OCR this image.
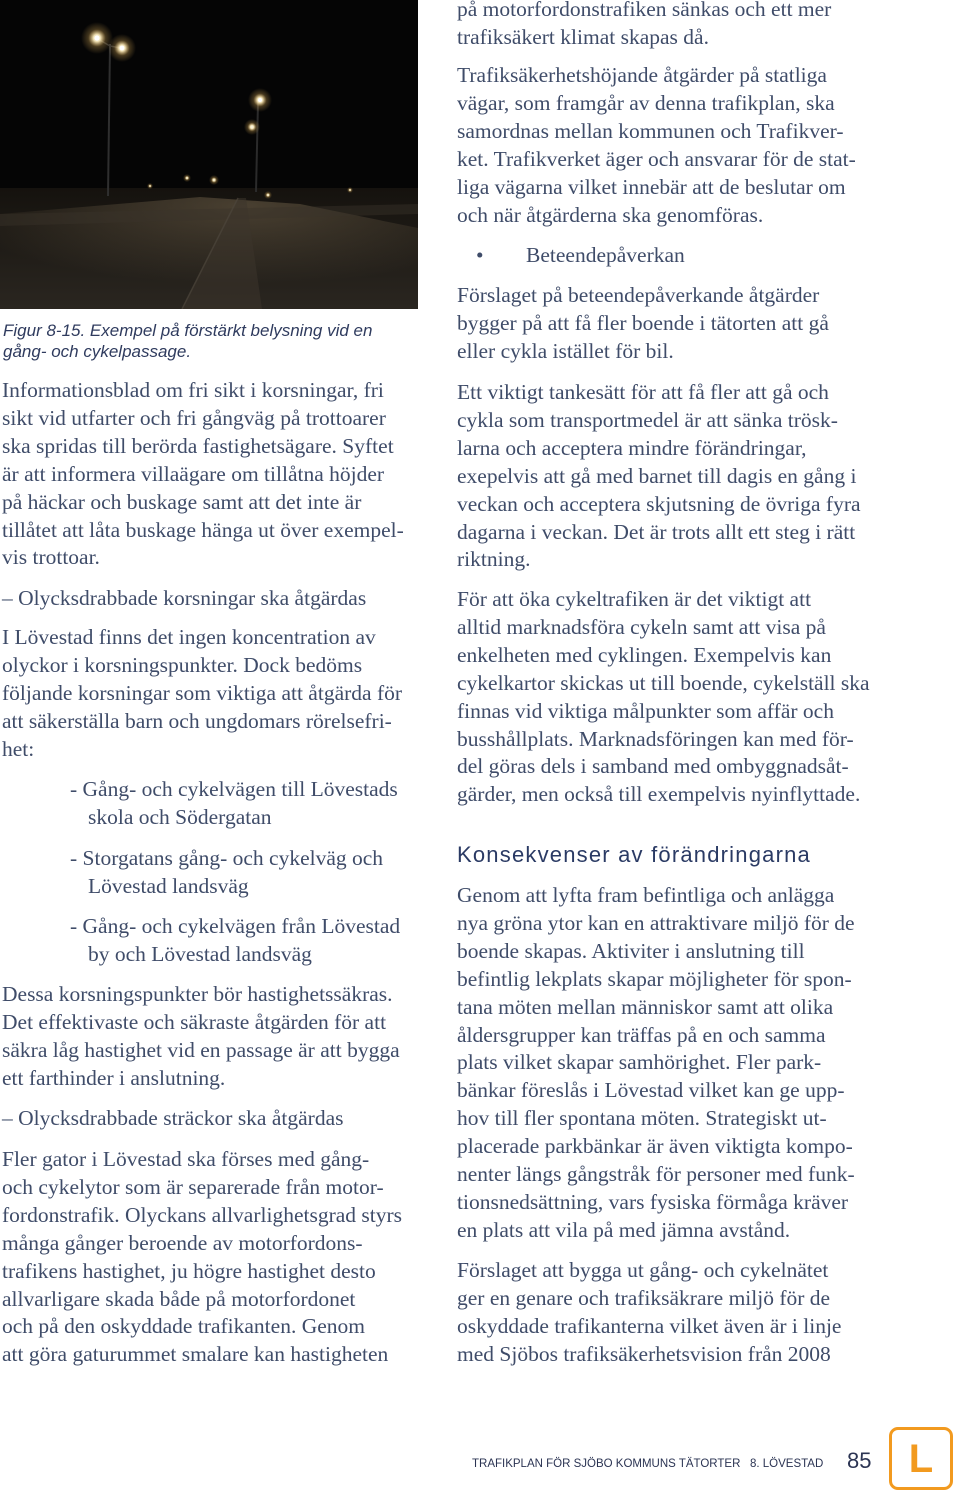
Figur 8-15. Exempel på förstärkt belysning vid en
gång- och cykelpassage.
Informationsblad om fri sikt i korsningar, fri
sikt vid utfarter och fri gångväg på trottoarer
ska spridas till berörda fastighetsägare. Syftet
är att informera villaägare om tillåtna höjder
på häckar och buskage samt att det inte är
tillåtet att låta buskage hänga ut över exempel-
vis trottoar.
– Olycksdrabbade korsningar ska åtgärdas
I Lövestad finns det ingen koncentration av
olyckor i korsningspunkter. Dock bedöms
följande korsningar som viktiga att åtgärda för
att säkerställa barn och ungdomars rörelsefri-
het:
- Gång- och cykelvägen till Lövestads
skola och Södergatan
- Storgatans gång- och cykelväg och
Lövestad landsväg
- Gång- och cykelvägen från Lövestad
by och Lövestad landsväg
Dessa korsningspunkter bör hastighetssäkras.
Det effektivaste och säkraste åtgärden för att
säkra låg hastighet vid en passage är att bygga
ett farthinder i anslutning.
– Olycksdrabbade sträckor ska åtgärdas
Fler gator i Lövestad ska förses med gång-
och cykelytor som är separerade från motor-
fordonstrafik. Olyckans allvarlighetsgrad styrs
många gånger beroende av motorfordons-
trafikens hastighet, ju högre hastighet desto
allvarligare skada både på motorfordonet
och på den oskyddade trafikanten. Genom
att göra gaturummet smalare kan hastigheten
på motorfordonstrafiken sänkas och ett mer
trafiksäkert klimat skapas då.
Trafiksäkerhetshöjande åtgärder på statliga
vägar, som framgår av denna trafikplan, ska
samordnas mellan kommunen och Trafikver-
ket. Trafikverket äger och ansvarar för de stat-
liga vägarna vilket innebär att de beslutar om
och när åtgärderna ska genomföras.
• Beteendepåverkan
Förslaget på beteendepåverkande åtgärder
bygger på att få fler boende i tätorten att gå
eller cykla istället för bil.
Ett viktigt tankesätt för att få fler att gå och
cykla som transportmedel är att sänka trösk-
larna och acceptera mindre förändringar,
exepelvis att gå med barnet till dagis en gång i
veckan och acceptera skjutsning de övriga fyra
dagarna i veckan. Det är trots allt ett steg i rätt
riktning.
För att öka cykeltrafiken är det viktigt att
alltid marknadsföra cykeln samt att visa på
enkelheten med cyklingen. Exempelvis kan
cykelkartor skickas ut till boende, cykelställ ska
finnas vid viktiga målpunkter som affär och
busshållplats. Marknadsföringen kan med för-
del göras dels i samband med ombyggnadsåt-
gärder, men också till exempelvis nyinflyttade.
Konsekvenser av förändringarna
Genom att lyfta fram befintliga och anlägga
nya gröna ytor kan en attraktivare miljö för de
boende skapas. Aktiviter i anslutning till
befintlig lekplats skapar möjligheter för spon-
tana möten mellan människor samt att olika
åldersgrupper kan träffas på en och samma
plats vilket skapar samhörighet. Fler park-
bänkar föreslås i Lövestad vilket kan ge upp-
hov till fler spontana möten. Strategiskt ut-
placerade parkbänkar är även viktigta kompo-
nenter längs gångstråk för personer med funk-
tionsnedsättning, vars fysiska förmåga kräver
en plats att vila på med jämna avstånd.
Förslaget att bygga ut gång- och cykelnätet
ger en genare och trafiksäkrare miljö för de
oskyddade trafikanterna vilket även är i linje
med Sjöbos trafiksäkerhetsvision från 2008
TRAFIKPLAN FÖR SJÖBO KOMMUNS TÄTORTER 8. LÖVESTAD 85 L
